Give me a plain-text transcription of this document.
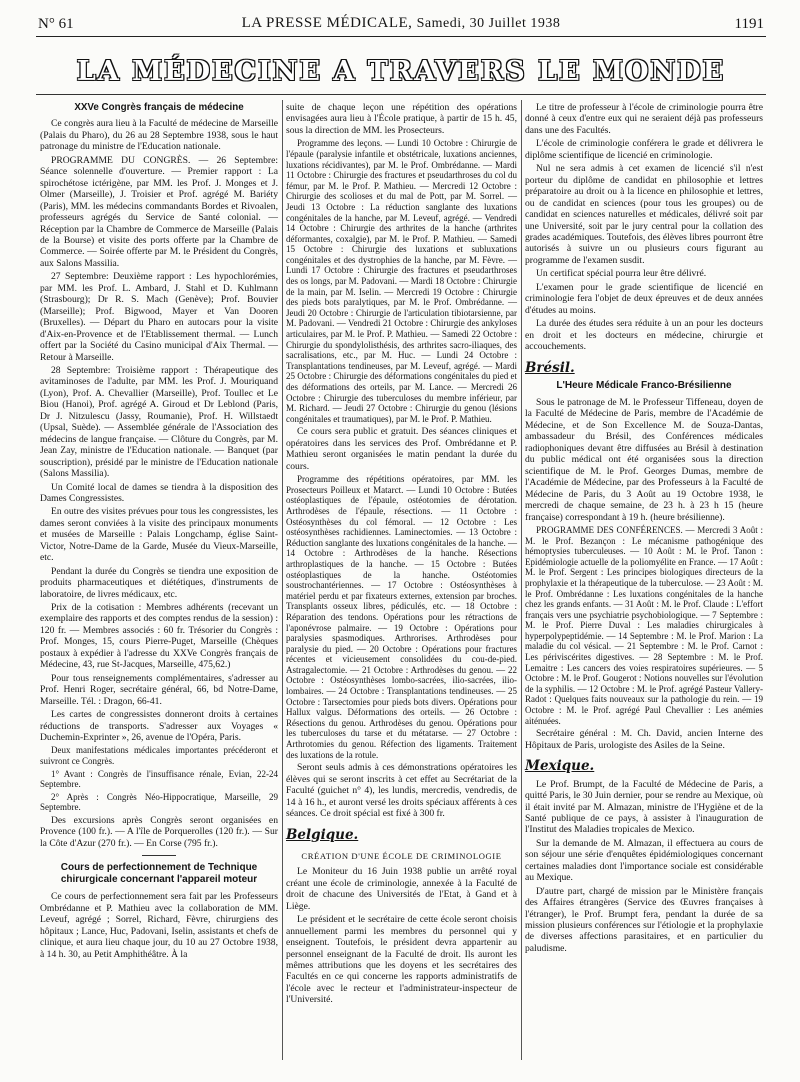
N° 61	LA PRESSE MÉDICALE, Samedi, 30 Juillet 1938	1191
LA MÉDECINE A TRAVERS LE MONDE
XXVe Congrès français de médecine

Ce congrès aura lieu à la Faculté de médecine de Marseille (Palais du Pharo), du 26 au 28 Septembre 1938, sous le haut patronage du ministre de l'Education nationale.

PROGRAMME DU CONGRÈS. — 26 Septembre: Séance solennelle d'ouverture. — Premier rapport : La spirochétose ictérigène, par MM. les Prof. J. Monges et J. Olmer (Marseille), J. Troisier et Prof. agrégé M. Bariéty (Paris), MM. les médecins commandants Bordes et Rivoalen, professeurs agrégés du Service de Santé colonial. — Réception par la Chambre de Commerce de Marseille (Palais de la Bourse) et visite des ports offerte par la Chambre de Commerce. — Soirée offerte par M. le Président du Congrès, aux Salons Massilia.

27 Septembre: Deuxième rapport : Les hypochlorémies, par MM. les Prof. L. Ambard, J. Stahl et D. Kuhlmann (Strasbourg); Dr R. S. Mach (Genève); Prof. Bouvier (Marseille); Prof. Bigwood, Mayer et Van Dooren (Bruxelles). — Départ du Pharo en autocars pour la visite d'Aix-en-Provence et de l'Etablissement thermal. — Lunch offert par la Société du Casino municipal d'Aix Thermal. — Retour à Marseille.

28 Septembre: Troisième rapport : Thérapeutique des avitaminoses de l'adulte, par MM. les Prof. J. Mouriquand (Lyon), Prof. A. Chevallier (Marseille), Prof. Toullec et Le Biou (Hanoi), Prof. agrégé A. Giroud et Dr Leblond (Paris, Dr J. Nitzulescu (Jassy, Roumanie), Prof. H. Willstaedt (Upsal, Suède). — Assemblée générale de l'Association des médecins de langue française. — Clôture du Congrès, par M. Jean Zay, ministre de l'Education nationale. — Banquet (par souscription), présidé par le ministre de l'Education nationale (Salons Massilia).

Un Comité local de dames se tiendra à la disposition des Dames Congressistes.

En outre des visites prévues pour tous les congressistes, les dames seront conviées à la visite des principaux monuments et musées de Marseille : Palais Longchamp, église Saint-Victor, Notre-Dame de la Garde, Musée du Vieux-Marseille, etc.

Pendant la durée du Congrès se tiendra une exposition de produits pharmaceutiques et diététiques, d'instruments de laboratoire, de livres médicaux, etc.

Prix de la cotisation : Membres adhérents (recevant un exemplaire des rapports et des comptes rendus de la session) : 120 fr. — Membres associés : 60 fr. Trésorier du Congrès : Prof. Monges, 15, cours Pierre-Puget, Marseille (Chèques postaux à expédier à l'adresse du XXVe Congrès français de Médecine, 43, rue St-Jacques, Marseille, 475,62.)

Pour tous renseignements complémentaires, s'adresser au Prof. Henri Roger, secrétaire général, 66, bd Notre-Dame, Marseille. Tél. : Dragon, 66-41.

Les cartes de congressistes donneront droits à certaines réductions de transports. S'adresser aux Voyages « Duchemin-Exprinter », 26, avenue de l'Opéra, Paris.

Deux manifestations médicales importantes précéderont et suivront ce Congrès.

1° Avant : Congrès de l'insuffisance rénale, Evian, 22-24 Septembre.

2° Après : Congrès Néo-Hippocratique, Marseille, 29 Septembre.

Des excursions après Congrès seront organisées en Provence (100 fr.). — A l'île de Porquerolles (120 fr.). — Sur la Côte d'Azur (270 fr.). — En Corse (795 fr.).

Cours de perfectionnement de Technique chirurgicale concernant l'appareil moteur

Ce cours de perfectionnement sera fait par les Professeurs Ombrédanne et P. Mathieu avec la collaboration de MM. Leveuf, agrégé ; Sorrel, Richard, Fèvre, chirurgiens des hôpitaux ; Lance, Huc, Padovani, Iselin, assistants et chefs de clinique, et aura lieu chaque jour, du 10 au 27 Octobre 1938, à 14 h. 30, au Petit Amphithéâtre. À la

suite de chaque leçon une répétition des opérations envisagées aura lieu à l'École pratique, à partir de 15 h. 45, sous la direction de MM. les Prosecteurs.

Programme des leçons. — Lundi 10 Octobre : Chirurgie de l'épaule (paralysie infantile et obstétricale, luxations anciennes, luxations récidivantes), par M. le Prof. Ombrédanne. — Mardi 11 Octobre : Chirurgie des fractures et pseudarthroses du col du fémur, par M. le Prof. P. Mathieu. — Mercredi 12 Octobre : Chirurgie des scolioses et du mal de Pott, par M. Sorrel. — Jeudi 13 Octobre : La réduction sanglante des luxations congénitales de la hanche, par M. Leveuf, agrégé. — Vendredi 14 Octobre : Chirurgie des arthrites de la hanche (arthrites déformantes, coxalgie), par M. le Prof. P. Mathieu. — Samedi 15 Octobre : Chirurgie des luxations et subluxations congénitales et des dystrophies de la hanche, par M. Fèvre. — Lundi 17 Octobre : Chirurgie des fractures et pseudarthroses des os longs, par M. Padovani. — Mardi 18 Octobre : Chirurgie de la main, par M. Iselin. — Mercredi 19 Octobre : Chirurgie des pieds bots paralytiques, par M. le Prof. Ombrédanne. — Jeudi 20 Octobre : Chirurgie de l'articulation tibiotarsienne, par M. Padovani. — Vendredi 21 Octobre : Chirurgie des ankyloses articulaires, par M. le Prof. P. Mathieu. — Samedi 22 Octobre : Chirurgie du spondylolisthésis, des arthrites sacro-iliaques, des sacralisations, etc., par M. Huc. — Lundi 24 Octobre : Transplantations tendineuses, par M. Leveuf, agrégé. — Mardi 25 Octobre : Chirurgie des déformations congénitales du pied et des déformations des orteils, par M. Lance. — Mercredi 26 Octobre : Chirurgie des tuberculoses du membre inférieur, par M. Richard. — Jeudi 27 Octobre : Chirurgie du genou (lésions congénitales et traumatiques), par M. le Prof. P. Mathieu.

Ce cours sera public et gratuit. Des séances cliniques et opératoires dans les services des Prof. Ombrédanne et P. Mathieu seront organisées le matin pendant la durée du cours.

Programme des répétitions opératoires, par MM. les Prosecteurs Poilleux et Matarct. — Lundi 10 Octobre : Butées ostéoplastiques de l'épaule, ostéotomies de dérotation. Arthrodèses de l'épaule, résections. — 11 Octobre : Ostéosynthèses du col fémoral. — 12 Octobre : Les ostéosynthèses rachidiennes. Laminectomies. — 13 Octobre : Réduction sanglante des luxations congénitales de la hanche. — 14 Octobre : Arthrodèses de la hanche. Résections arthroplastiques de la hanche. — 15 Octobre : Butées ostéoplastiques de la hanche. Ostéotomies soustrochantériennes. — 17 Octobre : Ostéosynthèses à matériel perdu et par fixateurs externes, extension par broches. Transplants osseux libres, pédiculés, etc. — 18 Octobre : Réparation des tendons. Opérations pour les rétractions de l'aponévrose palmaire. — 19 Octobre : Opérations pour paralysies spasmodiques. Arthrorises. Arthrodèses pour paralysie du pied. — 20 Octobre : Opérations pour fractures récentes et vicieusement consolidées du cou-de-pied. Astragalectomie. — 21 Octobre : Arthrodèses du genou. — 22 Octobre : Ostéosynthèses lombo-sacrées, ilio-sacrées, ilio-lombaires. — 24 Octobre : Transplantations tendineuses. — 25 Octobre : Tarsectomies pour pieds bots divers. Opérations pour Hallux valgus. Déformations des orteils. — 26 Octobre : Résections du genou. Arthrodèses du genou. Opérations pour les tuberculoses du tarse et du métatarse. — 27 Octobre : Arthrotomies du genou. Réfection des ligaments. Traitement des luxations de la rotule.

Seront seuls admis à ces démonstrations opératoires les élèves qui se seront inscrits à cet effet au Secrétariat de la Faculté (guichet n° 4), les lundis, mercredis, vendredis, de 14 à 16 h., et auront versé les droits spéciaux afférents à ces séances. Ce droit spécial est fixé à 300 fr.

Belgique.
CRÉATION D'UNE ÉCOLE DE CRIMINOLOGIE

Le Moniteur du 16 Juin 1938 publie un arrêté royal créant une école de criminologie, annexée à la Faculté de droit de chacune des Universités de l'Etat, à Gand et à Liège.

Le président et le secrétaire de cette école seront choisis annuellement parmi les membres du personnel qui y enseignent. Toutefois, le président devra appartenir au personnel enseignant de la Faculté de droit. Ils auront les mêmes attributions que les doyens et les secrétaires des Facultés en ce qui concerne les rapports administratifs de l'école avec le recteur et l'administrateur-inspecteur de l'Université.

Le titre de professeur à l'école de criminologie pourra être donné à ceux d'entre eux qui ne seraient déjà pas professeurs dans une des Facultés.

L'école de criminologie conférera le grade et délivrera le diplôme scientifique de licencié en criminologie.

Nul ne sera admis à cet examen de licencié s'il n'est porteur du diplôme de candidat en philosophie et lettres préparatoire au droit ou à la licence en philosophie et lettres, ou de candidat en sciences (pour tous les groupes) ou de candidat en sciences naturelles et médicales, délivré soit par une Université, soit par le jury central pour la collation des grades académiques. Toutefois, des élèves libres pourront être autorisés à suivre un ou plusieurs cours figurant au programme de l'examen susdit.

Un certificat spécial pourra leur être délivré.

L'examen pour le grade scientifique de licencié en criminologie fera l'objet de deux épreuves et de deux années d'études au moins.

La durée des études sera réduite à un an pour les docteurs en droit et les docteurs en médecine, chirurgie et accouchements.

Brésil.
L'Heure Médicale Franco-Brésilienne

Sous le patronage de M. le Professeur Tiffeneau, doyen de la Faculté de Médecine de Paris, membre de l'Académie de Médecine, et de Son Excellence M. de Souza-Dantas, ambassadeur du Brésil, des Conférences médicales radiophoniques devant être diffusées au Brésil à destination du public médical ont été organisées sous la direction scientifique de M. le Prof. Georges Dumas, membre de l'Académie de Médecine, par des Professeurs à la Faculté de Médecine de Paris, du 3 Août au 19 Octobre 1938, le mercredi de chaque semaine, de 23 h. à 23 h 15 (heure française) correspondant à 19 h. (heure brésilienne).

PROGRAMME DES CONFÉRENCES. — Mercredi 3 Août : M. le Prof. Bezançon : Le mécanisme pathogénique des hémoptysies tuberculeuses. — 10 Août : M. le Prof. Tanon : Epidémiologie actuelle de la poliomyélite en France. — 17 Août : M. le Prof. Sergent : Les principes biologiques directeurs de la prophylaxie et la thérapeutique de la tuberculose. — 23 Août : M. le Prof. Ombrédanne : Les luxations congénitales de la hanche chez les grands enfants. — 31 Août : M. le Prof. Claude : L'effort français vers une psychiatrie psychobiologique. — 7 Septembre : M. le Prof. Pierre Duval : Les maladies chirurgicales à hyperpolypeptidémie. — 14 Septembre : M. le Prof. Marion : La maladie du col vésical. — 21 Septembre : M. le Prof. Carnot : Les périviscérites digestives. — 28 Septembre : M. le Prof. Lemaitre : Les cancers des voies respiratoires supérieures. — 5 Octobre : M. le Prof. Gougerot : Notions nouvelles sur l'évolution de la syphilis. — 12 Octobre : M. le Prof. agrégé Pasteur Vallery-Radot : Quelques faits nouveaux sur la pathologie du rein. — 19 Octobre : M. le Prof. agrégé Paul Chevallier : Les anémies aiténuées.

Secrétaire général : M. Ch. David, ancien Interne des Hôpitaux de Paris, urologiste des Asiles de la Seine.

Mexique.

Le Prof. Brumpt, de la Faculté de Médecine de Paris, a quitté Paris, le 30 Juin dernier, pour se rendre au Mexique, où il était invité par M. Almazan, ministre de l'Hygiène et de la Santé publique de ce pays, à assister à l'inauguration de l'Institut des Maladies tropicales de Mexico.

Sur la demande de M. Almazan, il effectuera au cours de son séjour une série d'enquêtes épidémiologiques concernant certaines maladies dont l'importance sociale est considérable au Mexique.

D'autre part, chargé de mission par le Ministère français des Affaires étrangères (Service des Œuvres françaises à l'étranger), le Prof. Brumpt fera, pendant la durée de sa mission plusieurs conférences sur l'étiologie et la prophylaxie de diverses affections parasitaires, et en particulier du paludisme.
